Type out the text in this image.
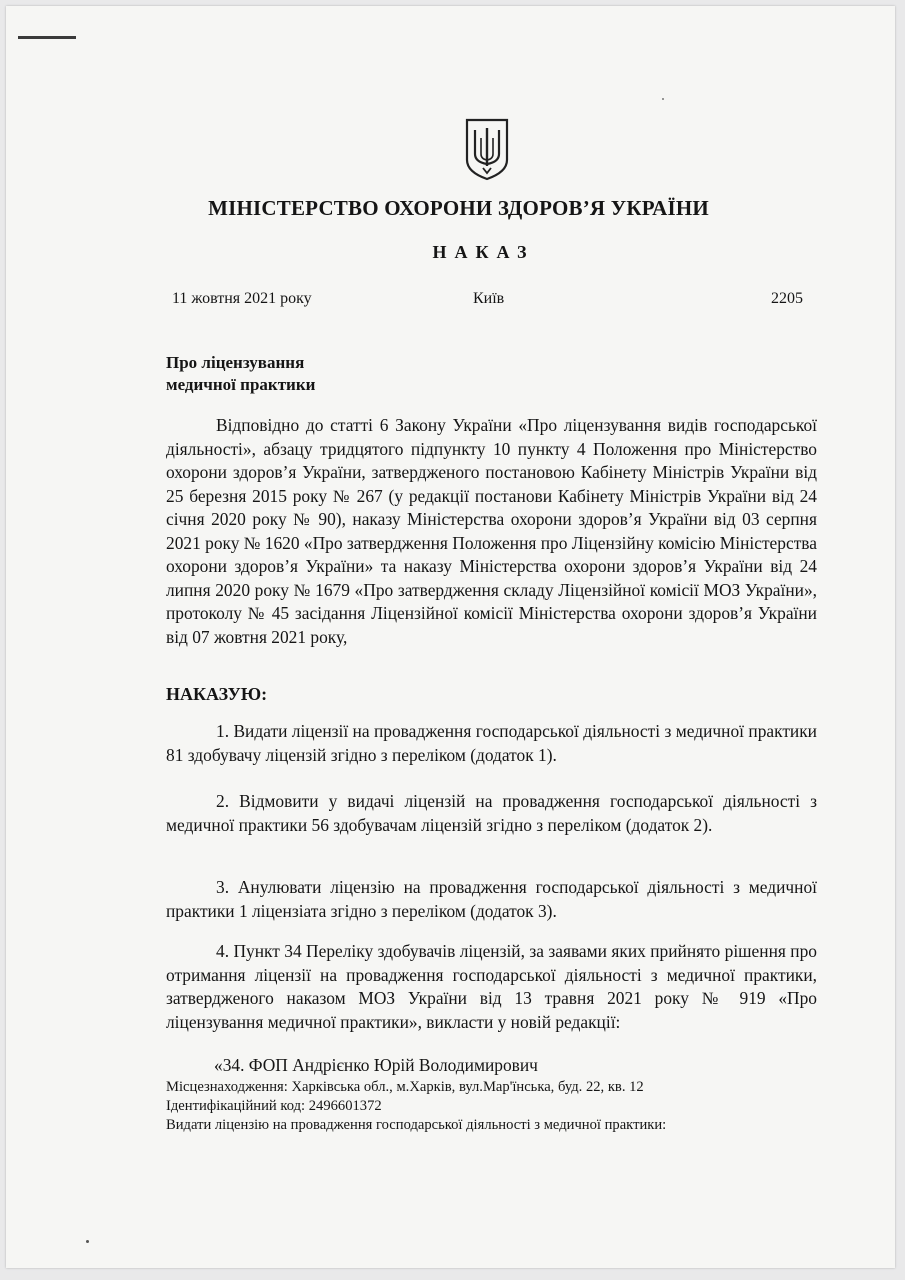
МІНІСТЕРСТВО ОХОРОНИ ЗДОРОВ’Я УКРАЇНИ
НАКАЗ
11 жовтня 2021 року	Київ	2205
Про ліцензування
медичної практики

Відповідно до статті 6 Закону України «Про ліцензування видів господарської діяльності», абзацу тридцятого підпункту 10 пункту 4 Положення про Міністерство охорони здоров’я України, затвердженого постановою Кабінету Міністрів України від 25 березня 2015 року № 267 (у редакції постанови Кабінету Міністрів України від 24 січня 2020 року № 90), наказу Міністерства охорони здоров’я України від 03 серпня 2021 року № 1620 «Про затвердження Положення про Ліцензійну комісію Міністерства охорони здоров’я України» та наказу Міністерства охорони здоров’я України від 24 липня 2020 року № 1679 «Про затвердження складу Ліцензійної комісії МОЗ України», протоколу № 45 засідання Ліцензійної комісії Міністерства охорони здоров’я України від 07 жовтня 2021 року,

НАКАЗУЮ:

1. Видати ліцензії на провадження господарської діяльності з медичної практики 81 здобувачу ліцензій згідно з переліком (додаток 1).

2. Відмовити у видачі ліцензій на провадження господарської діяльності з медичної практики 56 здобувачам ліцензій згідно з переліком (додаток 2).

3. Анулювати ліцензію на провадження господарської діяльності з медичної практики 1 ліцензіата згідно з переліком (додаток 3).

4. Пункт 34 Переліку здобувачів ліцензій, за заявами яких прийнято рішення про отримання ліцензії на провадження господарської діяльності з медичної практики, затвердженого наказом МОЗ України від 13 травня 2021 року № 919 «Про ліцензування медичної практики», викласти у новій редакції:

«34. ФОП Андрієнко Юрій Володимирович
Місцезнаходження: Харківська обл., м.Харків, вул.Мар'їнська, буд. 22, кв. 12
Ідентифікаційний код: 2496601372
Видати ліцензію на провадження господарської діяльності з медичної практики:
